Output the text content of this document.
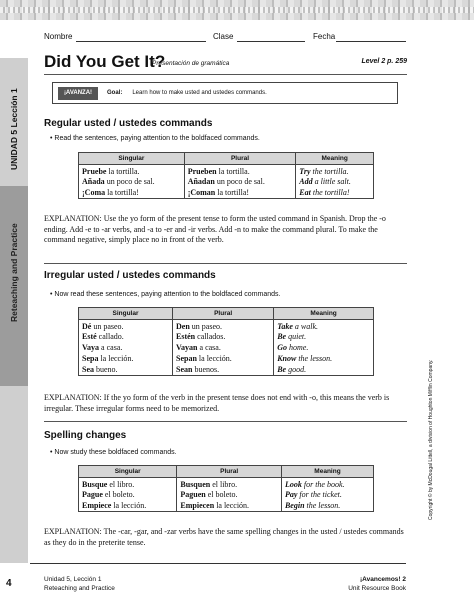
UNIDAD 5 Lección 1
Reteaching and Practice
Nombre	Clase	Fecha
Did You Get It?
Presentación de gramática	Level 2 p. 259
¡AVANZA!	Goal: Learn how to make usted and ustedes commands.
Regular usted / ustedes commands
• Read the sentences, paying attention to the boldfaced commands.
Singular	Plural	Meaning
Pruebe la tortilla.	Prueben la tortilla.	Try the tortilla.
Añada un poco de sal.	Añadan un poco de sal.	Add a little salt.
¡Coma la tortilla!	¡Coman la tortilla!	Eat the tortilla!
EXPLANATION: Use the yo form of the present tense to form the usted command in Spanish. Drop the -o ending. Add -e to -ar verbs, and -a to -er and -ir verbs. Add -n to make the command plural. To make the command negative, simply place no in front of the verb.
Irregular usted / ustedes commands
• Now read these sentences, paying attention to the boldfaced commands.
Singular	Plural	Meaning
Dé un paseo.	Den un paseo.	Take a walk.
Esté callado.	Estén callados.	Be quiet.
Vaya a casa.	Vayan a casa.	Go home.
Sepa la lección.	Sepan la lección.	Know the lesson.
Sea bueno.	Sean buenos.	Be good.
EXPLANATION: If the yo form of the verb in the present tense does not end with -o, this means the verb is irregular. These irregular forms need to be memorized.
Spelling changes
• Now study these boldfaced commands.
Singular	Plural	Meaning
Busque el libro.	Busquen el libro.	Look for the book.
Pague el boleto.	Paguen el boleto.	Pay for the ticket.
Empiece la lección.	Empiecen la lección.	Begin the lesson.
EXPLANATION: The -car, -gar, and -zar verbs have the same spelling changes in the usted / ustedes commands as they do in the preterite tense.
Copyright © by McDougal Littell, a division of Houghton Mifflin Company.
4	Unidad 5, Lección 1
Reteaching and Practice
¡Avancemos! 2
Unit Resource Book
